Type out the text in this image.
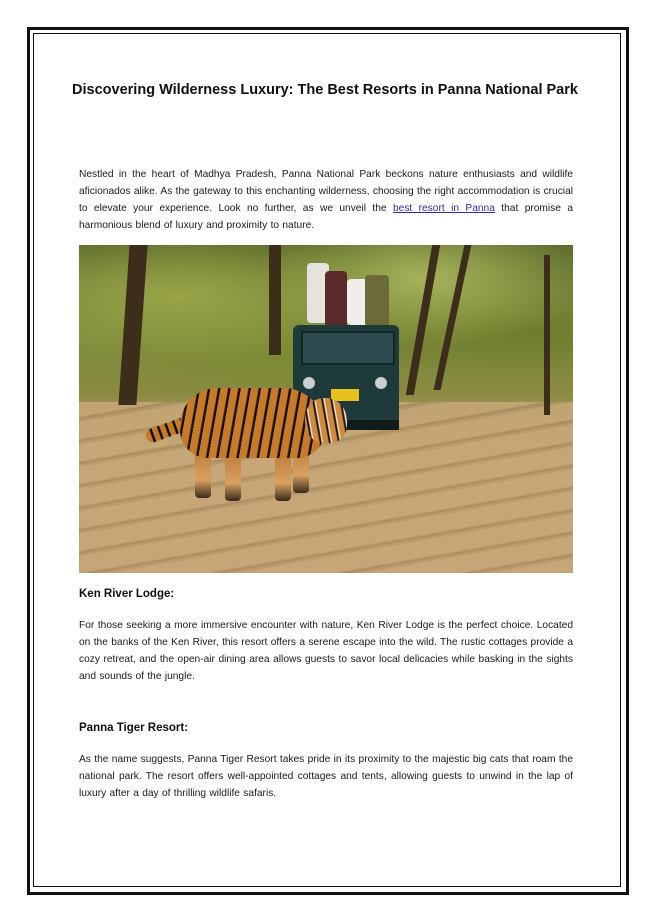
Discovering Wilderness Luxury: The Best Resorts in Panna National Park

Nestled in the heart of Madhya Pradesh, Panna National Park beckons nature enthusiasts and wildlife aficionados alike. As the gateway to this enchanting wilderness, choosing the right accommodation is crucial to elevate your experience. Look no further, as we unveil the best resort in Panna that promise a harmonious blend of luxury and proximity to nature.

Ken River Lodge:

For those seeking a more immersive encounter with nature, Ken River Lodge is the perfect choice. Located on the banks of the Ken River, this resort offers a serene escape into the wild. The rustic cottages provide a cozy retreat, and the open-air dining area allows guests to savor local delicacies while basking in the sights and sounds of the jungle.

Panna Tiger Resort:

As the name suggests, Panna Tiger Resort takes pride in its proximity to the majestic big cats that roam the national park. The resort offers well-appointed cottages and tents, allowing guests to unwind in the lap of luxury after a day of thrilling wildlife safaris.
